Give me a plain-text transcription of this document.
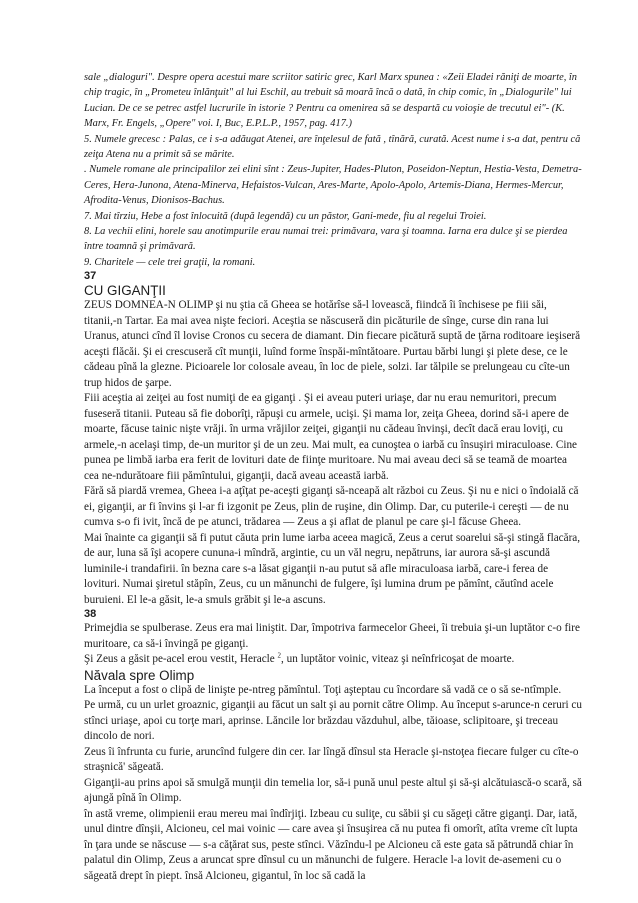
sale „dialoguri". Despre opera acestui mare scriitor satiric grec, Karl Marx spunea : «Zeii Eladei răniţi de moarte, în chip tragic, în „Prometeu înlănţuit" al lui Eschil, au trebuit să moară încă o dată, în chip comic, în „Dialogurile" lui Lucian. De ce se petrec astfel lucrurile în istorie ? Pentru ca omenirea să se despartă cu voioşie de trecutul ei"- (K. Marx, Fr. Engels, „Opere" voi. I, Buc, E.P.L.P., 1957, pag. 417.)

5. Numele grecesc : Palas, ce i s-a adăugat Atenei, are înţelesul de fată , tînără, curată. Acest nume i s-a dat, pentru că zeiţa Atena nu a primit să se mărite.

. Numele romane ale principalilor zei elini sînt : Zeus-Jupiter, Hades-Pluton, Poseidon-Neptun, Hestia-Vesta, Demetra-Ceres, Hera-Junona, Atena-Minerva, Hefaistos-Vulcan, Ares-Marte, Apolo-Apolo, Artemis-Diana, Hermes-Mercur, Afrodita-Venus, Dionisos-Bachus.

7. Mai tîrziu, Hebe a fost înlocuită (după legendă) cu un păstor, Gani-mede, fiu al regelui Troiei.

8. La vechii elini, horele sau anotimpurile erau numai trei: primăvara, vara şi toamna. Iarna era dulce şi se pierdea între toamnă şi primăvară.

9. Charitele — cele trei graţii, la romani.

37
CU GIGANŢII

ZEUS DOMNEA-N OLIMP şi nu ştia că Gheea se hotărîse să-l lovească, fiindcă îi închisese pe fiii săi, titanii,-n Tartar. Ea mai avea nişte feciori. Aceştia se născuseră din picăturile de sînge, curse din rana lui Uranus, atunci cînd îl lovise Cronos cu secera de diamant. Din fiecare picătură suptă de ţărna roditoare ieşiseră aceşti flăcăi. Şi ei crescuseră cît munţii, luînd forme înspăi-mîntătoare. Purtau bărbi lungi şi plete dese, ce le cădeau pînă la glezne. Picioarele lor colosale aveau, în loc de piele, solzi. Iar tălpile se prelungeau cu cîte-un trup hidos de şarpe.

Fiii aceştia ai zeiţei au fost numiţi de ea giganţi . Şi ei aveau puteri uriaşe, dar nu erau nemuritori, precum fuseseră titanii. Puteau să fie doborîţi, răpuşi cu armele, ucişi. Şi mama lor, zeiţa Gheea, dorind să-i apere de moarte, făcuse tainic nişte vrăji. în urma vrăjilor zeiţei, giganţii nu cădeau învinşi, decît dacă erau loviţi, cu armele,-n acelaşi timp, de-un muritor şi de un zeu. Mai mult, ea cunoştea o iarbă cu însuşiri miraculoase. Cine punea pe limbă iarba era ferit de lovituri date de fiinţe muritoare. Nu mai aveau deci să se teamă de moartea cea ne-ndurătoare fiii pămîntului, giganţii, dacă aveau această iarbă.

Fără să piardă vremea, Gheea i-a aţîţat pe-aceşti giganţi să-nceapă alt război cu Zeus. Şi nu e nici o îndoială că ei, giganţii, ar fi învins şi l-ar fi izgonit pe Zeus, plin de ruşine, din Olimp. Dar, cu puterile-i cereşti — de nu cumva s-o fi ivit, încă de pe atunci, trădarea — Zeus a şi aflat de planul pe care şi-l făcuse Gheea.

Mai înainte ca giganţii să fi putut căuta prin lume iarba aceea magică, Zeus a cerut soarelui să-şi stingă flacăra, de aur, luna să îşi acopere cununa-i mîndră, argintie, cu un văl negru, nepătruns, iar aurora să-şi ascundă luminile-i trandafirii. în bezna care s-a lăsat giganţii n-au putut să afle miraculoasa iarbă, care-i ferea de lovituri. Numai şiretul stăpîn, Zeus, cu un mănunchi de fulgere, îşi lumina drum pe pămînt, căutînd acele buruieni. El le-a găsit, le-a smuls grăbit şi le-a ascuns.

38

Primejdia se spulberase. Zeus era mai liniştit. Dar, împotriva farmecelor Gheei, îi trebuia şi-un luptător c-o fire muritoare, ca să-i învingă pe giganţi.

Şi Zeus a găsit pe-acel erou vestit, Heracle $^2$, un luptător voinic, viteaz şi neînfricoşat de moarte.

Năvala spre Olimp

La început a fost o clipă de linişte pe-ntreg pămîntul. Toţi aşteptau cu încordare să vadă ce o să se-ntîmple.

Pe urmă, cu un urlet groaznic, giganţii au făcut un salt şi au pornit către Olimp. Au început s-arunce-n ceruri cu stînci uriaşe, apoi cu torţe mari, aprinse. Lăncile lor brăzdau văzduhul, albe, tăioase, sclipitoare, şi treceau dincolo de nori.

Zeus îi înfrunta cu furie, aruncînd fulgere din cer. Iar lîngă dînsul sta Heracle şi-nstoţea fiecare fulger cu cîte-o straşnică' săgeată.

Giganţii-au prins apoi să smulgă munţii din temelia lor, să-i pună unul peste altul şi să-şi alcătuiască-o scară, să ajungă pînă în Olimp.

în astă vreme, olimpienii erau mereu mai îndîrjiţi. Izbeau cu suliţe, cu săbii şi cu săgeţi către giganţi. Dar, iată, unul dintre dînşii, Alcioneu, cel mai voinic — care avea şi însuşirea că nu putea fi omorît, atîta vreme cît lupta în ţara unde se născuse — s-a căţărat sus, peste stînci. Văzîndu-l pe Alcioneu că este gata să pătrundă chiar în palatul din Olimp, Zeus a aruncat spre dînsul cu un mănunchi de fulgere. Heracle l-a lovit de-asemeni cu o săgeată drept în piept. însă Alcioneu, gigantul, în loc să cadă la
